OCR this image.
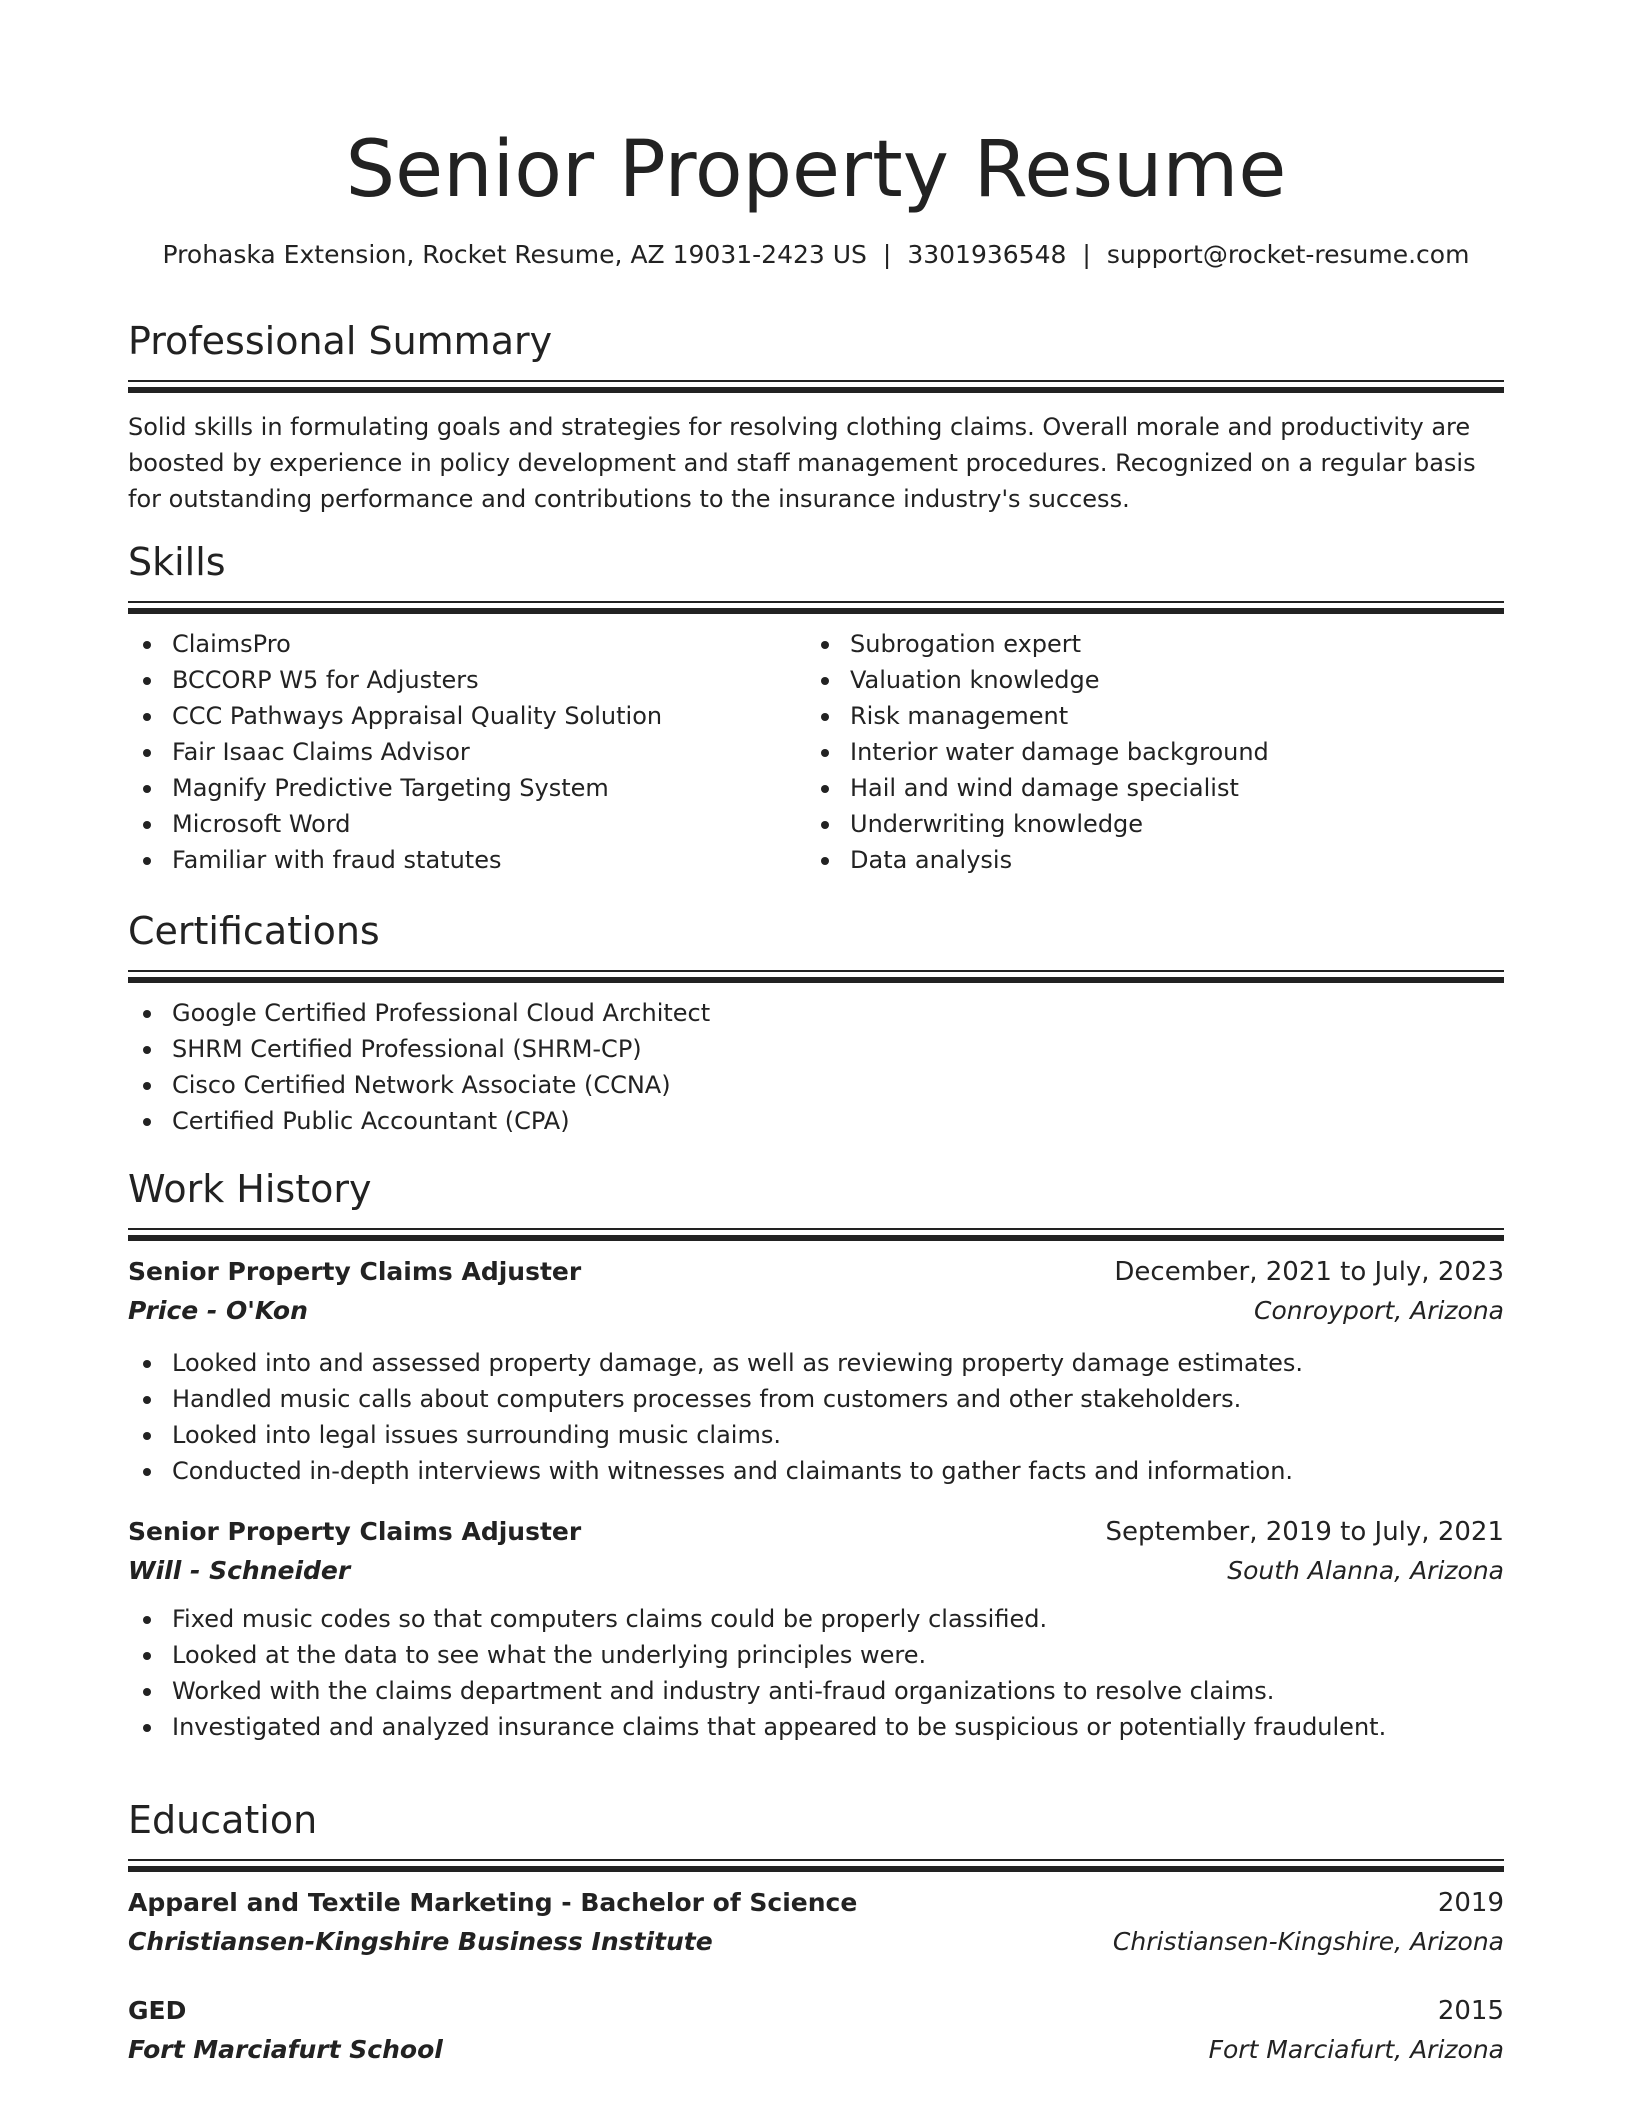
Senior Property Resume
Prohaska Extension, Rocket Resume, AZ 19031-2423 US | 3301936548 | support@rocket-resume.com
Professional Summary
Solid skills in formulating goals and strategies for resolving clothing claims. Overall morale and productivity are boosted by experience in policy development and staff management procedures. Recognized on a regular basis for outstanding performance and contributions to the insurance industry's success.
Skills
ClaimsPro
BCCORP W5 for Adjusters
CCC Pathways Appraisal Quality Solution
Fair Isaac Claims Advisor
Magnify Predictive Targeting System
Microsoft Word
Familiar with fraud statutes
Subrogation expert
Valuation knowledge
Risk management
Interior water damage background
Hail and wind damage specialist
Underwriting knowledge
Data analysis
Certifications
Google Certified Professional Cloud Architect
SHRM Certified Professional (SHRM-CP)
Cisco Certified Network Associate (CCNA)
Certified Public Accountant (CPA)
Work History
Senior Property Claims Adjuster	December, 2021 to July, 2023
Price - O'Kon	Conroyport, Arizona
Looked into and assessed property damage, as well as reviewing property damage estimates.
Handled music calls about computers processes from customers and other stakeholders.
Looked into legal issues surrounding music claims.
Conducted in-depth interviews with witnesses and claimants to gather facts and information.
Senior Property Claims Adjuster	September, 2019 to July, 2021
Will - Schneider	South Alanna, Arizona
Fixed music codes so that computers claims could be properly classified.
Looked at the data to see what the underlying principles were.
Worked with the claims department and industry anti-fraud organizations to resolve claims.
Investigated and analyzed insurance claims that appeared to be suspicious or potentially fraudulent.
Education
Apparel and Textile Marketing - Bachelor of Science	2019
Christiansen-Kingshire Business Institute	Christiansen-Kingshire, Arizona
GED	2015
Fort Marciafurt School	Fort Marciafurt, Arizona
